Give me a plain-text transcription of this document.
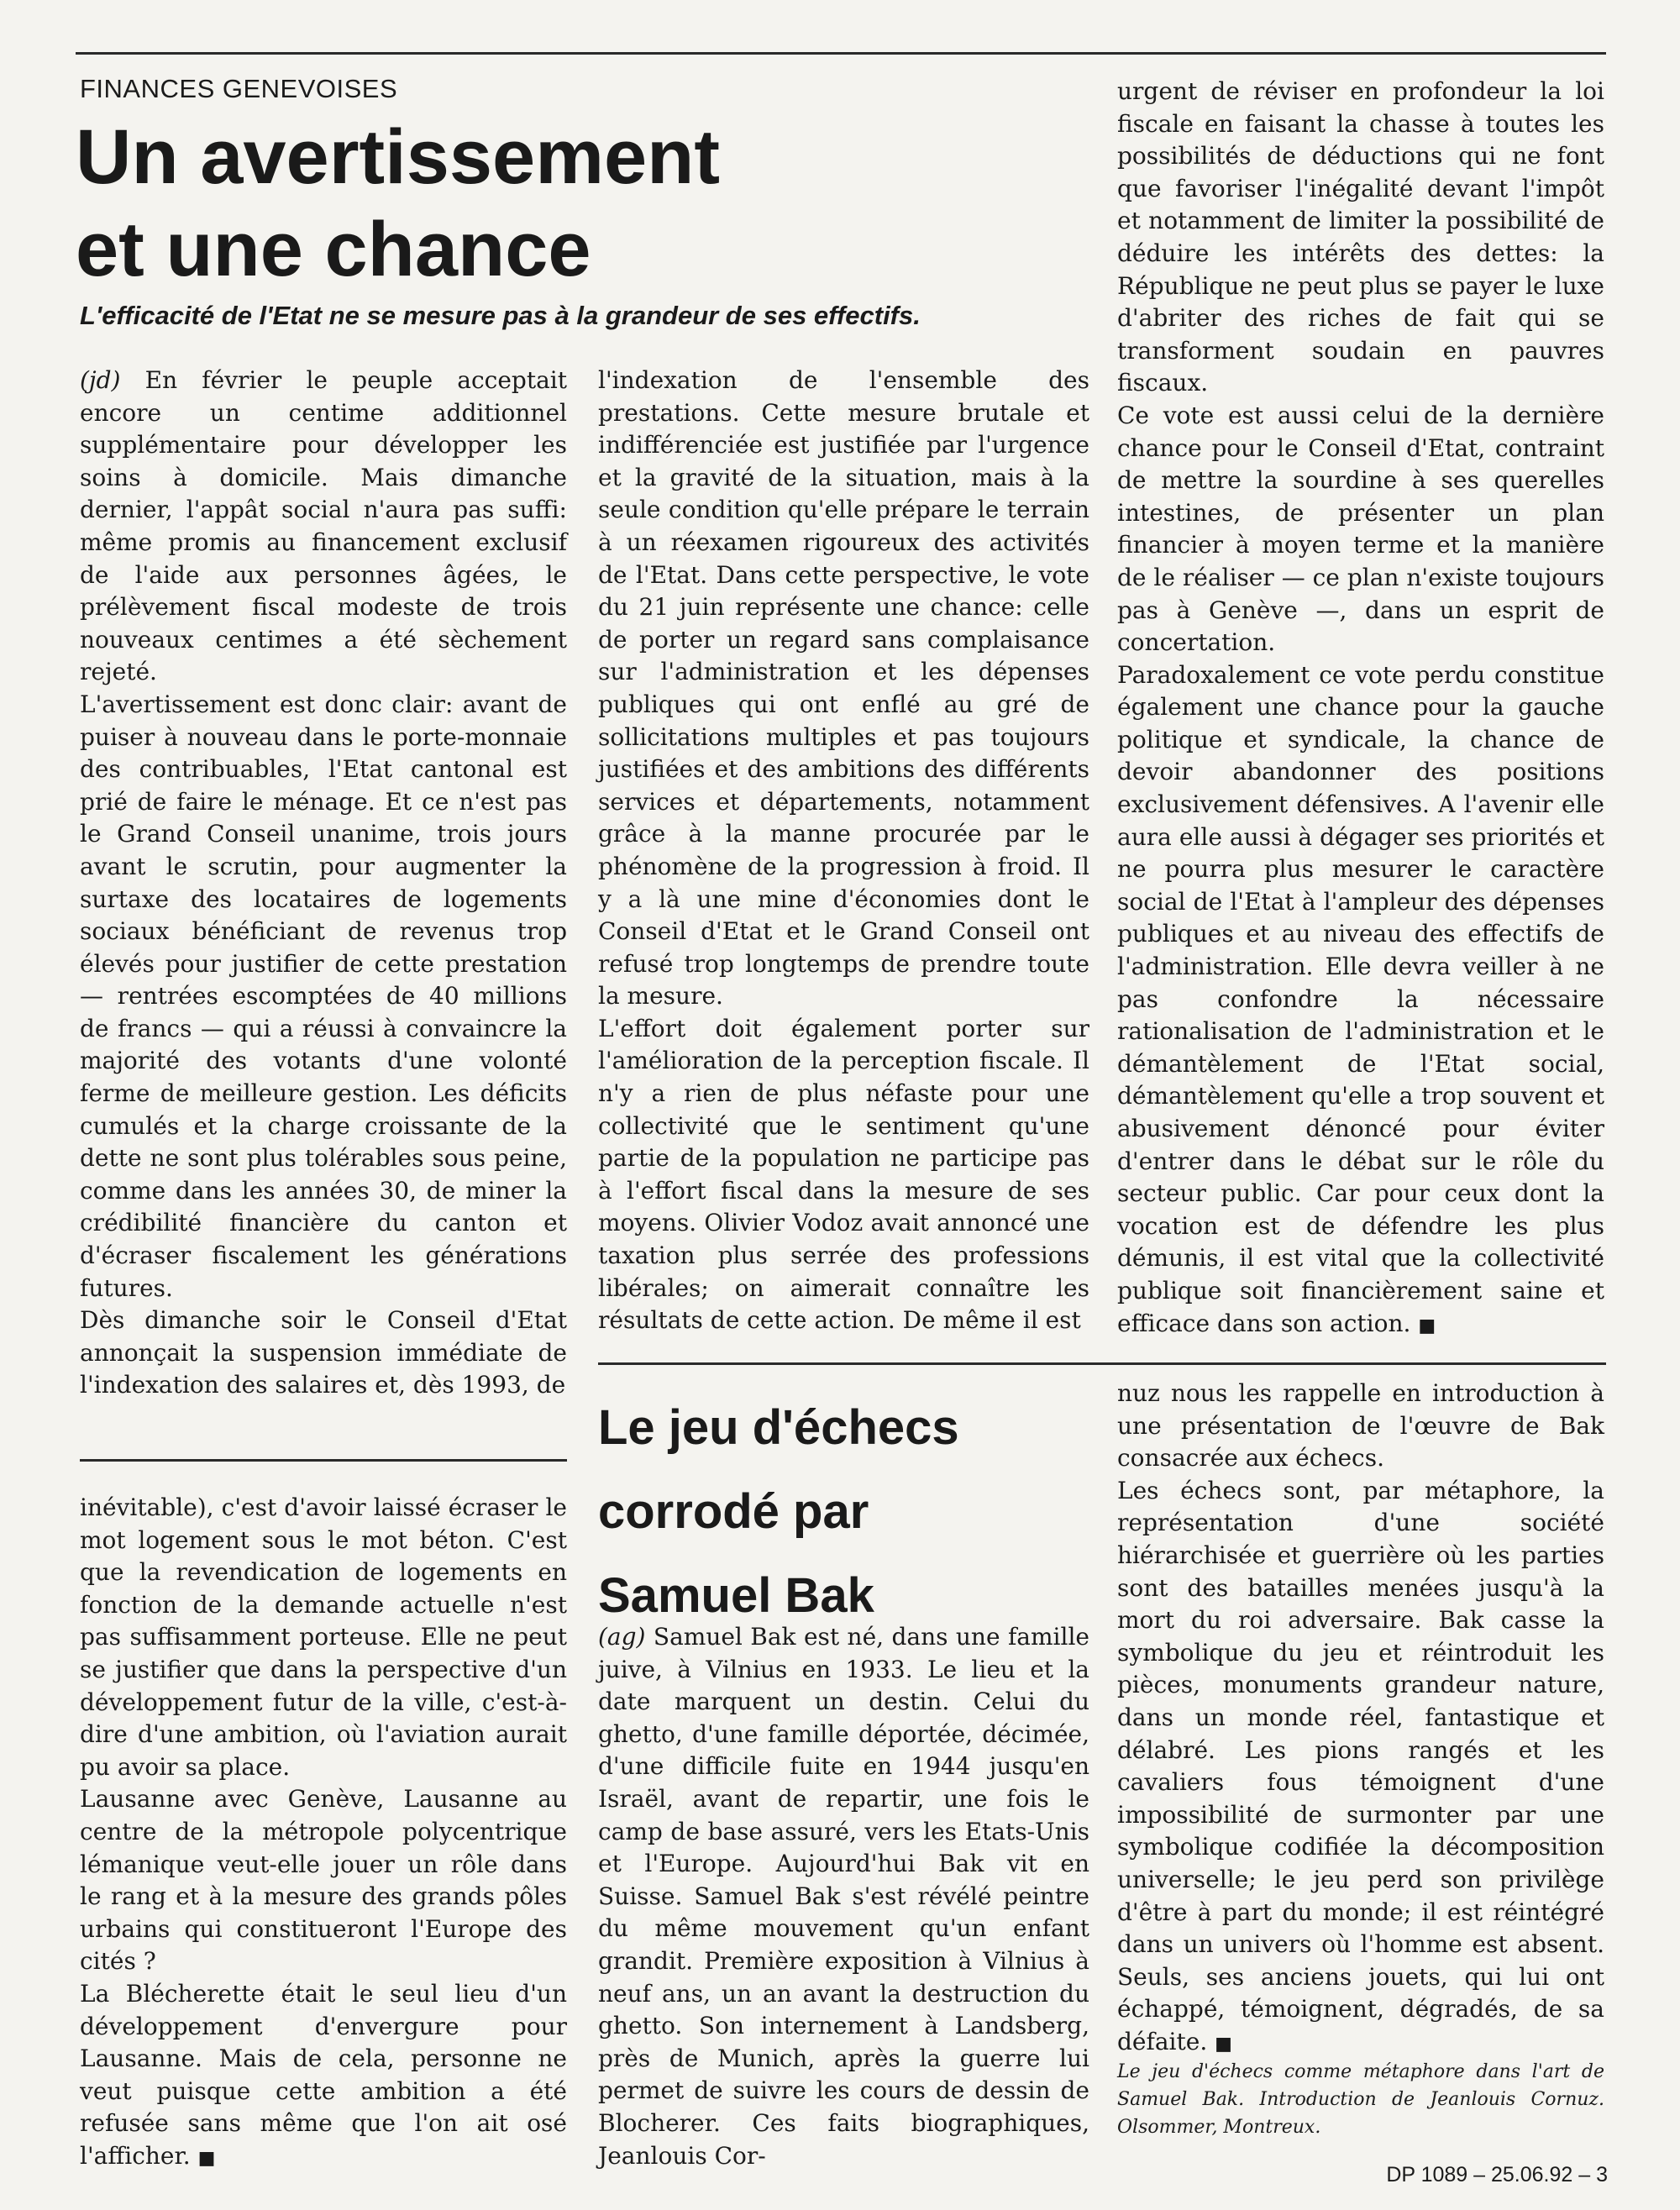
FINANCES GENEVOISES
Un avertissement
et une chance
L'efficacité de l'Etat ne se mesure pas à la grandeur de ses effectifs.

(jd) En février le peuple acceptait encore un centime additionnel supplémentaire pour développer les soins à domicile. Mais dimanche dernier, l'appât social n'aura pas suffi: même promis au financement exclusif de l'aide aux personnes âgées, le prélèvement fiscal modeste de trois nouveaux centimes a été sèchement rejeté.

L'avertissement est donc clair: avant de puiser à nouveau dans le porte-monnaie des contribuables, l'Etat cantonal est prié de faire le ménage. Et ce n'est pas le Grand Conseil unanime, trois jours avant le scrutin, pour augmenter la surtaxe des locataires de logements sociaux bénéficiant de revenus trop élevés pour justifier de cette prestation — rentrées escomptées de 40 millions de francs — qui a réussi à convaincre la majorité des votants d'une volonté ferme de meilleure gestion. Les déficits cumulés et la charge croissante de la dette ne sont plus tolérables sous peine, comme dans les années 30, de miner la crédibilité financière du canton et d'écraser fiscalement les générations futures.

Dès dimanche soir le Conseil d'Etat annonçait la suspension immédiate de l'indexation des salaires et, dès 1993, de

l'indexation de l'ensemble des prestations. Cette mesure brutale et indifférenciée est justifiée par l'urgence et la gravité de la situation, mais à la seule condition qu'elle prépare le terrain à un réexamen rigoureux des activités de l'Etat. Dans cette perspective, le vote du 21 juin représente une chance: celle de porter un regard sans complaisance sur l'administration et les dépenses publiques qui ont enflé au gré de sollicitations multiples et pas toujours justifiées et des ambitions des différents services et départements, notamment grâce à la manne procurée par le phénomène de la progression à froid. Il y a là une mine d'économies dont le Conseil d'Etat et le Grand Conseil ont refusé trop longtemps de prendre toute la mesure.

L'effort doit également porter sur l'amélioration de la perception fiscale. Il n'y a rien de plus néfaste pour une collectivité que le sentiment qu'une partie de la population ne participe pas à l'effort fiscal dans la mesure de ses moyens. Olivier Vodoz avait annoncé une taxation plus serrée des professions libérales; on aimerait connaître les résultats de cette action. De même il est

urgent de réviser en profondeur la loi fiscale en faisant la chasse à toutes les possibilités de déductions qui ne font que favoriser l'inégalité devant l'impôt et notamment de limiter la possibilité de déduire les intérêts des dettes: la République ne peut plus se payer le luxe d'abriter des riches de fait qui se transforment soudain en pauvres fiscaux.

Ce vote est aussi celui de la dernière chance pour le Conseil d'Etat, contraint de mettre la sourdine à ses querelles intestines, de présenter un plan financier à moyen terme et la manière de le réaliser — ce plan n'existe toujours pas à Genève —, dans un esprit de concertation.

Paradoxalement ce vote perdu constitue également une chance pour la gauche politique et syndicale, la chance de devoir abandonner des positions exclusivement défensives. A l'avenir elle aura elle aussi à dégager ses priorités et ne pourra plus mesurer le caractère social de l'Etat à l'ampleur des dépenses publiques et au niveau des effectifs de l'administration. Elle devra veiller à ne pas confondre la nécessaire rationalisation de l'administration et le démantèlement de l'Etat social, démantèlement qu'elle a trop souvent et abusivement dénoncé pour éviter d'entrer dans le débat sur le rôle du secteur public. Car pour ceux dont la vocation est de défendre les plus démunis, il est vital que la collectivité publique soit financièrement saine et efficace dans son action. ■

inévitable), c'est d'avoir laissé écraser le mot logement sous le mot béton. C'est que la revendication de logements en fonction de la demande actuelle n'est pas suffisamment porteuse. Elle ne peut se justifier que dans la perspective d'un développement futur de la ville, c'est-à-dire d'une ambition, où l'aviation aurait pu avoir sa place.

Lausanne avec Genève, Lausanne au centre de la métropole polycentrique lémanique veut-elle jouer un rôle dans le rang et à la mesure des grands pôles urbains qui constitueront l'Europe des cités ?

La Blécherette était le seul lieu d'un développement d'envergure pour Lausanne. Mais de cela, personne ne veut puisque cette ambition a été refusée sans même que l'on ait osé l'afficher. ■

Le jeu d'échecs
corrodé par
Samuel Bak

(ag) Samuel Bak est né, dans une famille juive, à Vilnius en 1933. Le lieu et la date marquent un destin. Celui du ghetto, d'une famille déportée, décimée, d'une difficile fuite en 1944 jusqu'en Israël, avant de repartir, une fois le camp de base assuré, vers les Etats-Unis et l'Europe. Aujourd'hui Bak vit en Suisse. Samuel Bak s'est révélé peintre du même mouvement qu'un enfant grandit. Première exposition à Vilnius à neuf ans, un an avant la destruction du ghetto. Son internement à Landsberg, près de Munich, après la guerre lui permet de suivre les cours de dessin de Blocherer. Ces faits biographiques, Jeanlouis Cor-

nuz nous les rappelle en introduction à une présentation de l'œuvre de Bak consacrée aux échecs.

Les échecs sont, par métaphore, la représentation d'une société hiérarchisée et guerrière où les parties sont des batailles menées jusqu'à la mort du roi adversaire. Bak casse la symbolique du jeu et réintroduit les pièces, monuments grandeur nature, dans un monde réel, fantastique et délabré. Les pions rangés et les cavaliers fous témoignent d'une impossibilité de surmonter par une symbolique codifiée la décomposition universelle; le jeu perd son privilège d'être à part du monde; il est réintégré dans un univers où l'homme est absent. Seuls, ses anciens jouets, qui lui ont échappé, témoignent, dégradés, de sa défaite. ■

Le jeu d'échecs comme métaphore dans l'art de Samuel Bak. Introduction de Jeanlouis Cornuz. Olsommer, Montreux.
DP 1089 – 25.06.92 – 3
